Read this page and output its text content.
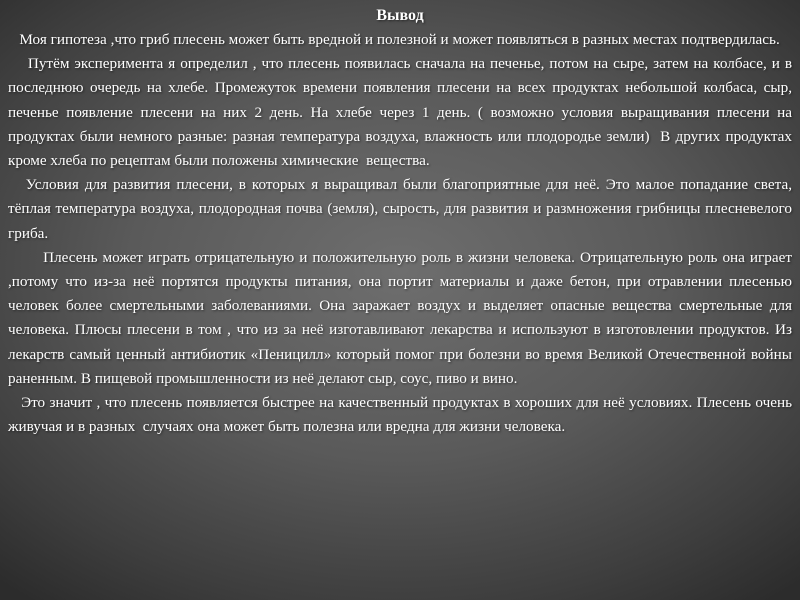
Вывод

Моя гипотеза ,что гриб плесень может быть вредной и полезной и может появляться в разных местах подтвердилась.

Путём эксперимента я определил , что плесень появилась сначала на печенье, потом на сыре, затем на колбасе, и в последнюю очередь на хлебе. Промежуток времени появления плесени на всех продуктах небольшой колбаса, сыр, печенье появление плесени на них 2 день. На хлебе через 1 день. ( возможно условия выращивания плесени на продуктах были немного разные: разная температура воздуха, влажность или плодородье земли)  В других продуктах кроме хлеба по рецептам были положены химические  вещества.

Условия для развития плесени, в которых я выращивал были благоприятные для неё. Это малое попадание света, тёплая температура воздуха, плодородная почва (земля), сырость, для развития и размножения грибницы плесневелого гриба.

Плесень может играть отрицательную и положительную роль в жизни человека. Отрицательную роль она играет ,потому что из-за неё портятся продукты питания, она портит материалы и даже бетон, при отравлении плесенью человек более смертельными заболеваниями. Она заражает воздух и выделяет опасные вещества смертельные для человека. Плюсы плесени в том , что из за неё изготавливают лекарства и используют в изготовлении продуктов. Из лекарств самый ценный антибиотик «Пеницилл» который помог при болезни во время Великой Отечественной войны раненным. В пищевой промышленности из неё делают сыр, соус, пиво и вино.

Это значит , что плесень появляется быстрее на качественный продуктах в хороших для неё условиях. Плесень очень живучая и в разных  случаях она может быть полезна или вредна для жизни человека.
